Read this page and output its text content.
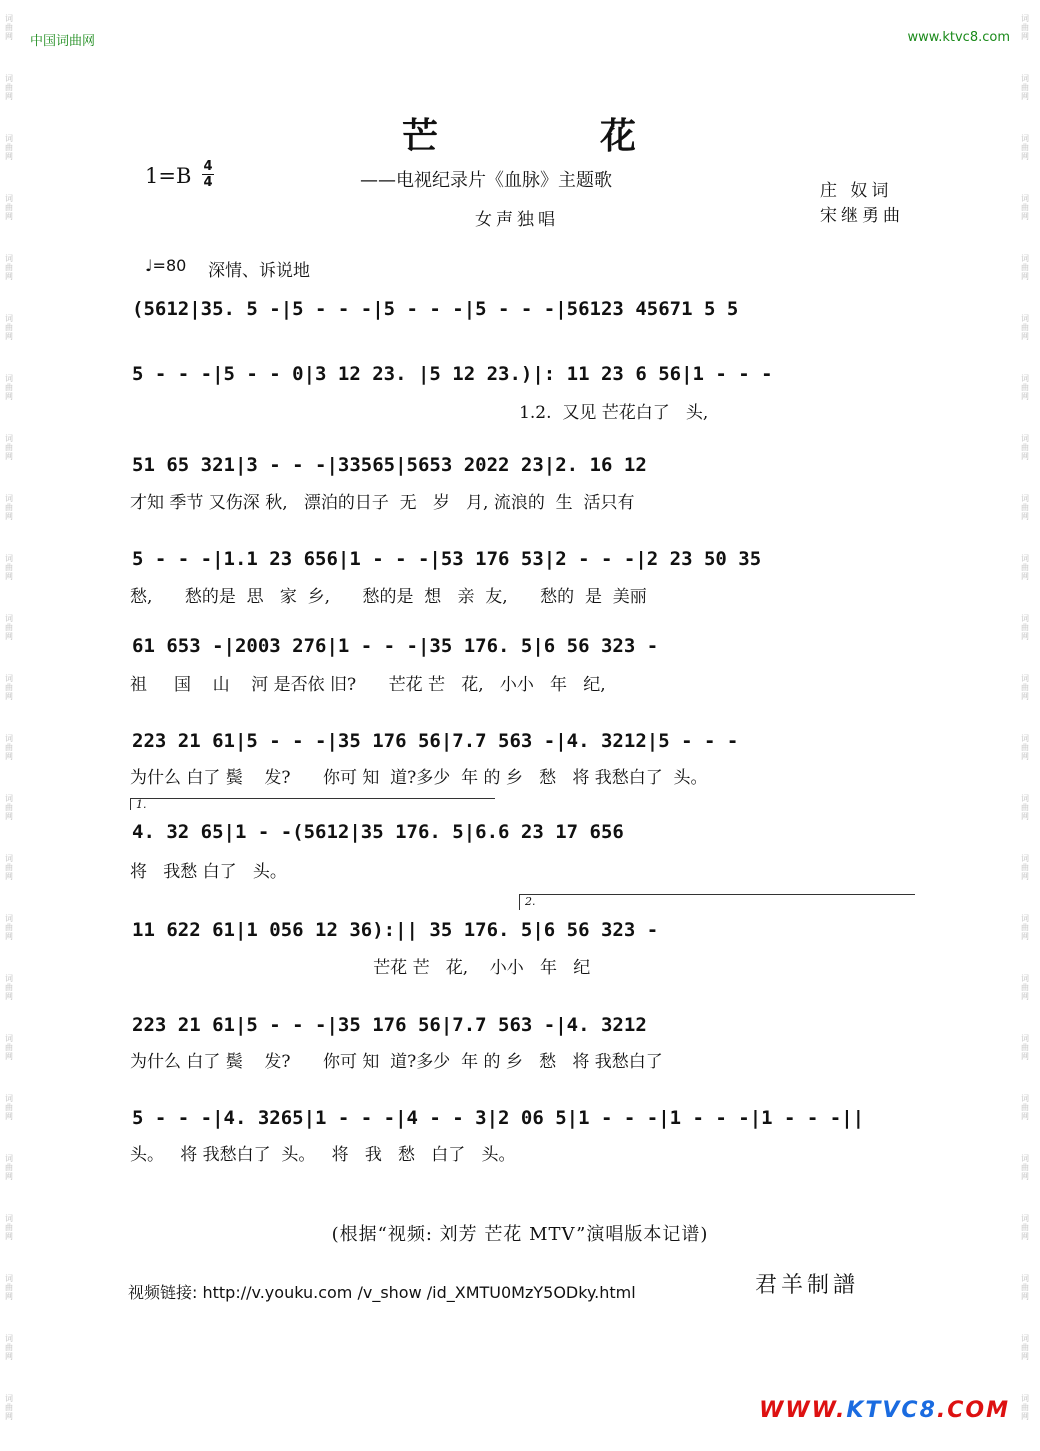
词
曲
网
词
曲
网
词
曲
网
词
曲
网
词
曲
网
词
曲
网
词
曲
网
词
曲
网
词
曲
网
词
曲
网
词
曲
网
词
曲
网
词
曲
网
词
曲
网
词
曲
网
词
曲
网
词
曲
网
词
曲
网
词
曲
网
词
曲
网
词
曲
网
词
曲
网
词
曲
网
词
曲
网
词
曲
网
词
曲
网
词
曲
网
词
曲
网
词
曲
网
词
曲
网
词
曲
网
词
曲
网
词
曲
网
词
曲
网
词
曲
网
词
曲
网
词
曲
网
词
曲
网
词
曲
网
词
曲
网
词
曲
网
词
曲
网
词
曲
网
词
曲
网
词
曲
网
词
曲
网
词
曲
网
词
曲
网
中国词曲网	www.ktvc8.com
芒	花
1=B 4
4	——电视纪录片《血脉》主题歌
女声独唱
庄 奴词
宋继勇曲
♩=80 深情、诉说地
(5612|35. 5 -|5 - - -|5 - - -|5 - - -|56123 45671 5 5
5 - - -|5 - - 0|3 12 23. |5 12 23.)|: 11 23 6 56|1 - - -
1.2.  又见 芒花白了   头,
51 65 321|3 - - -|33565|5653 2022 23|2. 16 12
才知 季节 又伤深 秋,   漂泊的日子  无   岁   月, 流浪的  生  活只有
5 - - -|1.1 23 656|1 - - -|53 176 53|2 - - -|2 23 50 35
愁,      愁的是  思   家  乡,      愁的是  想   亲  友,      愁的  是  美丽
61 653 -|2003 276|1 - - -|35 176. 5|6 56 323 -
祖     国    山    河 是否依 旧?      芒花 芒   花,   小小   年   纪,
223 21 61|5 - - -|35 176 56|7.7 563 -|4. 3212|5 - - -
为什么 白了 鬓    发?      你可 知  道?多少  年 的 乡   愁   将 我愁白了  头。
1.
4. 32 65|1 - -(5612|35 176. 5|6.6 23 17 656
将   我愁 白了   头。
2.
11 622 61|1 056 12 36):|| 35 176. 5|6 56 323 -
芒花 芒   花,    小小   年   纪
223 21 61|5 - - -|35 176 56|7.7 563 -|4. 3212
为什么 白了 鬓    发?      你可 知  道?多少  年 的 乡   愁   将 我愁白了
5 - - -|4. 3265|1 - - -|4 - - 3|2 06 5|1 - - -|1 - - -|1 - - -||
头。   将 我愁白了  头。   将   我   愁   白了   头。
(根据“视频: 刘芳 芒花 MTV”演唱版本记谱)
视频链接: http://v.youku.com /v_show /id_XMTU0MzY5ODky.html	君羊制譜
WWW.KTVC8.COM
